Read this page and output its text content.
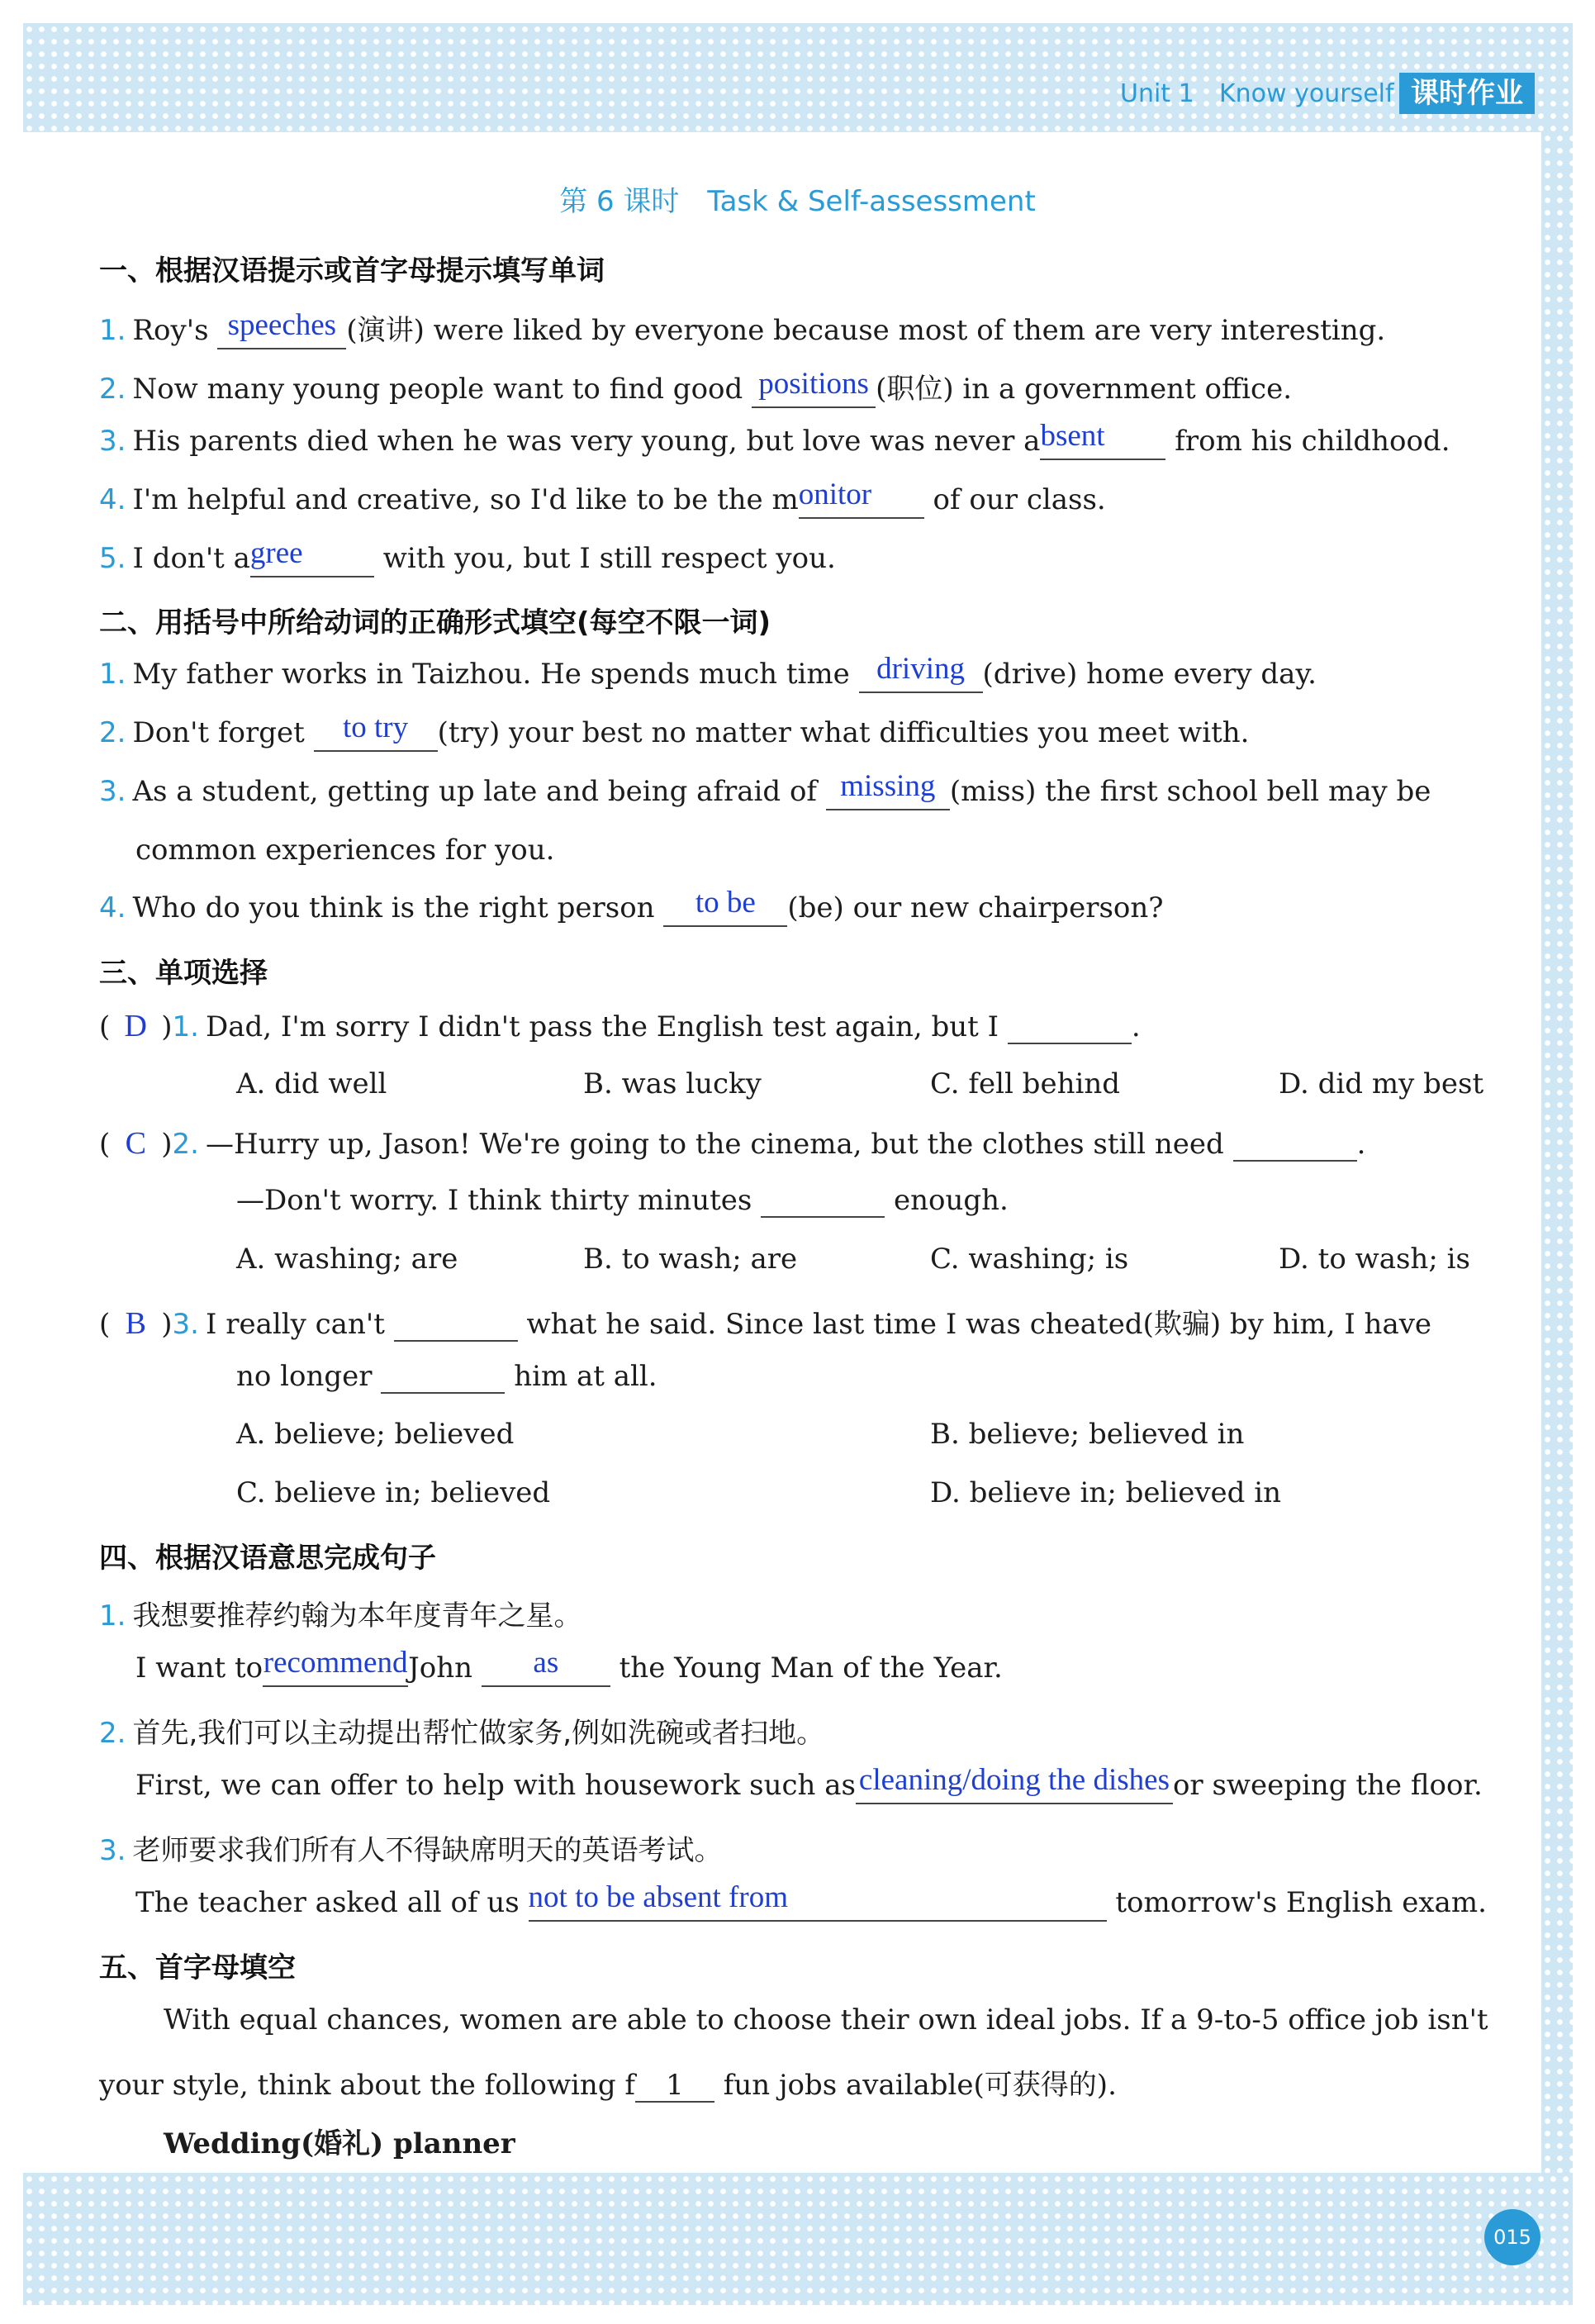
Unit 1 Know yourself 课时作业
第 6 课时　Task & Self-assessment
一、根据汉语提示或首字母提示填写单词
1. Roy's speeches (演讲) were liked by everyone because most of them are very interesting.
2. Now many young people want to find good positions (职位) in a government office.
3. His parents died when he was very young, but love was never absent from his childhood.
4. I'm helpful and creative, so I'd like to be the monitor of our class.
5. I don't agree	with you, but I still respect you.
二、用括号中所给动词的正确形式填空(每空不限一词)
1. My father works in Taizhou. He spends much time driving (drive) home every day.
2. Don't forget to try (try) your best no matter what difficulties you meet with.
3. As a student, getting up late and being afraid of missing (miss) the first school bell may be
common experiences for you.
4. Who do you think is the right person to be (be) our new chairperson?
三、单项选择
( D )1. Dad, I'm sorry I didn't pass the English test again, but I	.
A. did well	B. was lucky	C. fell behind	D. did my best
( C )2. —Hurry up, Jason! We're going to the cinema, but the clothes still need	.
—Don't worry. I think thirty minutes	enough.
A. washing; are	B. to wash; are	C. washing; is	D. to wash; is
( B )3. I really can't	what he said. Since last time I was cheated(欺骗) by him, I have
no longer	him at all.
A. believe; believed	B. believe; believed in
C. believe in; believed	D. believe in; believed in
四、根据汉语意思完成句子
1. 我想要推荐约翰为本年度青年之星。
I want torecommendJohn as the Young Man of the Year.
2. 首先,我们可以主动提出帮忙做家务,例如洗碗或者扫地。
First, we can offer to help with housework such as cleaning/doing the dishes or sweeping the floor.
3. 老师要求我们所有人不得缺席明天的英语考试。
The teacher asked all of us not to be absent from	tomorrow's English exam.
五、首字母填空
With equal chances, women are able to choose their own ideal jobs. If a 9-to-5 office job isn't
your style, think about the following f 1 fun jobs available(可获得的).
Wedding(婚礼) planner
015
